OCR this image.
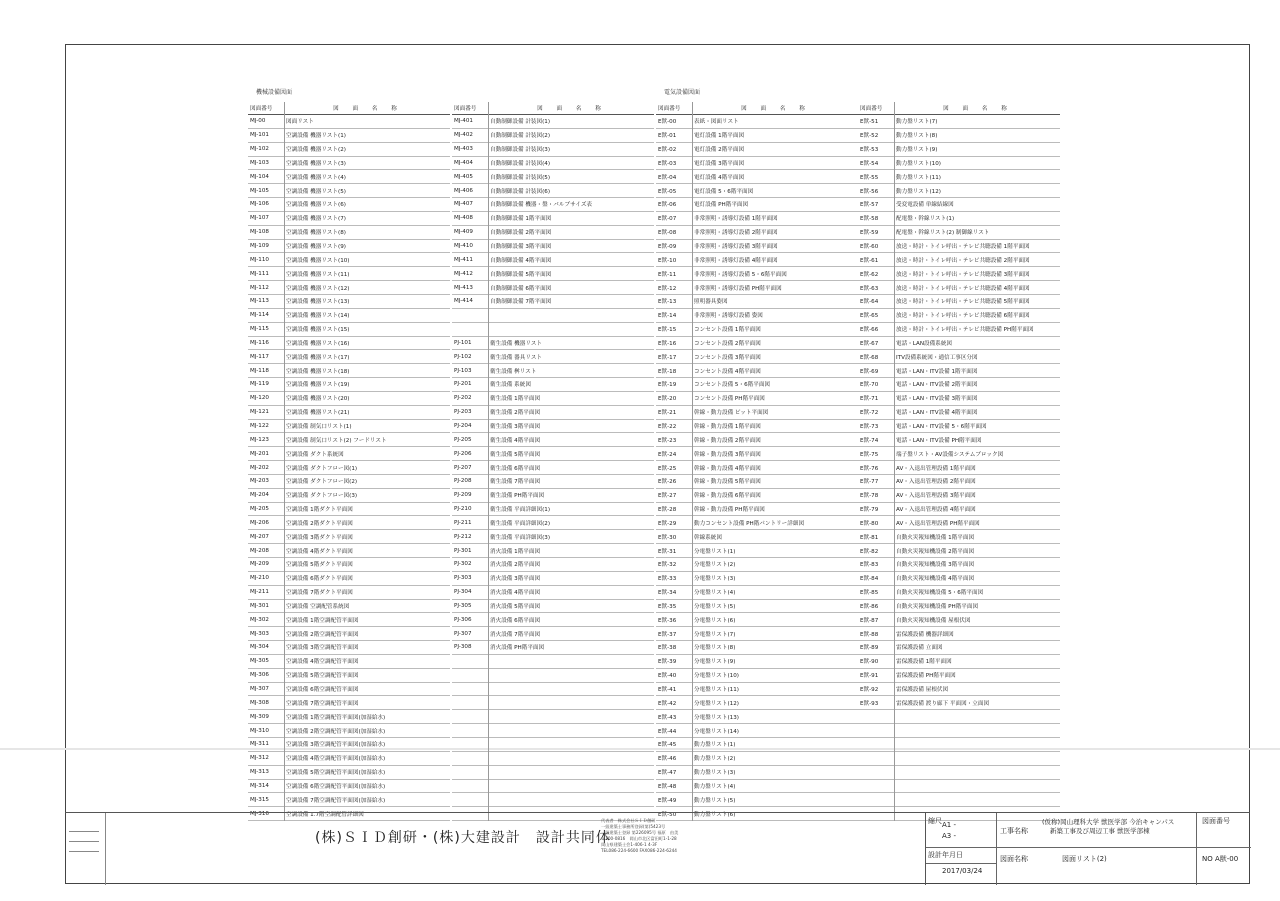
機械設備図面	電気設備図面
図面番号	図 面 名 称
MJ-00	図面リスト
MJ-101	空調設備 機器リスト(1)
MJ-102	空調設備 機器リスト(2)
MJ-103	空調設備 機器リスト(3)
MJ-104	空調設備 機器リスト(4)
MJ-105	空調設備 機器リスト(5)
MJ-106	空調設備 機器リスト(6)
MJ-107	空調設備 機器リスト(7)
MJ-108	空調設備 機器リスト(8)
MJ-109	空調設備 機器リスト(9)
MJ-110	空調設備 機器リスト(10)
MJ-111	空調設備 機器リスト(11)
MJ-112	空調設備 機器リスト(12)
MJ-113	空調設備 機器リスト(13)
MJ-114	空調設備 機器リスト(14)
MJ-115	空調設備 機器リスト(15)
MJ-116	空調設備 機器リスト(16)
MJ-117	空調設備 機器リスト(17)
MJ-118	空調設備 機器リスト(18)
MJ-119	空調設備 機器リスト(19)
MJ-120	空調設備 機器リスト(20)
MJ-121	空調設備 機器リスト(21)
MJ-122	空調設備 制気口リスト(1)
MJ-123	空調設備 制気口リスト(2) フードリスト
MJ-201	空調設備 ダクト系統図
MJ-202	空調設備 ダクトフロー図(1)
MJ-203	空調設備 ダクトフロー図(2)
MJ-204	空調設備 ダクトフロー図(3)
MJ-205	空調設備 1階ダクト平面図
MJ-206	空調設備 2階ダクト平面図
MJ-207	空調設備 3階ダクト平面図
MJ-208	空調設備 4階ダクト平面図
MJ-209	空調設備 5階ダクト平面図
MJ-210	空調設備 6階ダクト平面図
MJ-211	空調設備 7階ダクト平面図
MJ-301	空調設備 空調配管系統図
MJ-302	空調設備 1階空調配管平面図
MJ-303	空調設備 2階空調配管平面図
MJ-304	空調設備 3階空調配管平面図
MJ-305	空調設備 4階空調配管平面図
MJ-306	空調設備 5階空調配管平面図
MJ-307	空調設備 6階空調配管平面図
MJ-308	空調設備 7階空調配管平面図
MJ-309	空調設備 1階空調配管平面図(加湿給水)
MJ-310	空調設備 2階空調配管平面図(加湿給水)
MJ-311	空調設備 3階空調配管平面図(加湿給水)
MJ-312	空調設備 4階空調配管平面図(加湿給水)
MJ-313	空調設備 5階空調配管平面図(加湿給水)
MJ-314	空調設備 6階空調配管平面図(加湿給水)
MJ-315	空調設備 7階空調配管平面図(加湿給水)
MJ-316	空調設備 1.7階空調配管詳細図
図面番号	図 面 名 称
MJ-401	自動制御設備 計装図(1)
MJ-402	自動制御設備 計装図(2)
MJ-403	自動制御設備 計装図(3)
MJ-404	自動制御設備 計装図(4)
MJ-405	自動制御設備 計装図(5)
MJ-406	自動制御設備 計装図(6)
MJ-407	自動制御設備 機器・盤・バルブサイズ表
MJ-408	自動制御設備 1階平面図
MJ-409	自動制御設備 2階平面図
MJ-410	自動制御設備 3階平面図
MJ-411	自動制御設備 4階平面図
MJ-412	自動制御設備 5階平面図
MJ-413	自動制御設備 6階平面図
MJ-414	自動制御設備 7階平面図
PJ-101	衛生設備 機器リスト
PJ-102	衛生設備 器具リスト
PJ-103	衛生設備 桝リスト
PJ-201	衛生設備 系統図
PJ-202	衛生設備 1階平面図
PJ-203	衛生設備 2階平面図
PJ-204	衛生設備 3階平面図
PJ-205	衛生設備 4階平面図
PJ-206	衛生設備 5階平面図
PJ-207	衛生設備 6階平面図
PJ-208	衛生設備 7階平面図
PJ-209	衛生設備 PH階平面図
PJ-210	衛生設備 平面詳細図(1)
PJ-211	衛生設備 平面詳細図(2)
PJ-212	衛生設備 平面詳細図(3)
PJ-301	消火設備 1階平面図
PJ-302	消火設備 2階平面図
PJ-303	消火設備 3階平面図
PJ-304	消火設備 4階平面図
PJ-305	消火設備 5階平面図
PJ-306	消火設備 6階平面図
PJ-307	消火設備 7階平面図
PJ-308	消火設備 PH階平面図
図面番号	図 面 名 称
E獣-00	表紙・図面リスト
E獣-01	電灯設備 1階平面図
E獣-02	電灯設備 2階平面図
E獣-03	電灯設備 3階平面図
E獣-04	電灯設備 4階平面図
E獣-05	電灯設備 5・6階平面図
E獣-06	電灯設備 PH階平面図
E獣-07	非常照明・誘導灯設備 1階平面図
E獣-08	非常照明・誘導灯設備 2階平面図
E獣-09	非常照明・誘導灯設備 3階平面図
E獣-10	非常照明・誘導灯設備 4階平面図
E獣-11	非常照明・誘導灯設備 5・6階平面図
E獣-12	非常照明・誘導灯設備 PH階平面図
E獣-13	照明器具姿図
E獣-14	非常照明・誘導灯設備 姿図
E獣-15	コンセント設備 1階平面図
E獣-16	コンセント設備 2階平面図
E獣-17	コンセント設備 3階平面図
E獣-18	コンセント設備 4階平面図
E獣-19	コンセント設備 5・6階平面図
E獣-20	コンセント設備 PH階平面図
E獣-21	幹線・動力設備 ピット平面図
E獣-22	幹線・動力設備 1階平面図
E獣-23	幹線・動力設備 2階平面図
E獣-24	幹線・動力設備 3階平面図
E獣-25	幹線・動力設備 4階平面図
E獣-26	幹線・動力設備 5階平面図
E獣-27	幹線・動力設備 6階平面図
E獣-28	幹線・動力設備 PH階平面図
E獣-29	動力コンセント設備 PH階パントリー詳細図
E獣-30	幹線系統図
E獣-31	分電盤リスト(1)
E獣-32	分電盤リスト(2)
E獣-33	分電盤リスト(3)
E獣-34	分電盤リスト(4)
E獣-35	分電盤リスト(5)
E獣-36	分電盤リスト(6)
E獣-37	分電盤リスト(7)
E獣-38	分電盤リスト(8)
E獣-39	分電盤リスト(9)
E獣-40	分電盤リスト(10)
E獣-41	分電盤リスト(11)
E獣-42	分電盤リスト(12)
E獣-43	分電盤リスト(13)
E獣-44	分電盤リスト(14)
E獣-45	動力盤リスト(1)
E獣-46	動力盤リスト(2)
E獣-47	動力盤リスト(3)
E獣-48	動力盤リスト(4)
E獣-49	動力盤リスト(5)
E獣-50	動力盤リスト(6)
図面番号	図 面 名 称
E獣-51	動力盤リスト(7)
E獣-52	動力盤リスト(8)
E獣-53	動力盤リスト(9)
E獣-54	動力盤リスト(10)
E獣-55	動力盤リスト(11)
E獣-56	動力盤リスト(12)
E獣-57	受変電設備 単線結線図
E獣-58	配電盤・幹線リスト(1)
E獣-59	配電盤・幹線リスト(2) 制御線リスト
E獣-60	放送・時計・トイレ呼出・テレビ共聴設備 1階平面図
E獣-61	放送・時計・トイレ呼出・テレビ共聴設備 2階平面図
E獣-62	放送・時計・トイレ呼出・テレビ共聴設備 3階平面図
E獣-63	放送・時計・トイレ呼出・テレビ共聴設備 4階平面図
E獣-64	放送・時計・トイレ呼出・テレビ共聴設備 5階平面図
E獣-65	放送・時計・トイレ呼出・テレビ共聴設備 6階平面図
E獣-66	放送・時計・トイレ呼出・テレビ共聴設備 PH階平面図
E獣-67	電話・LAN設備系統図
E獣-68	ITV設備系統図・通信工事区分図
E獣-69	電話・LAN・ITV設備 1階平面図
E獣-70	電話・LAN・ITV設備 2階平面図
E獣-71	電話・LAN・ITV設備 3階平面図
E獣-72	電話・LAN・ITV設備 4階平面図
E獣-73	電話・LAN・ITV設備 5・6階平面図
E獣-74	電話・LAN・ITV設備 PH階平面図
E獣-75	端子盤リスト・AV設備システムブロック図
E獣-76	AV・入退出管理設備 1階平面図
E獣-77	AV・入退出管理設備 2階平面図
E獣-78	AV・入退出管理設備 3階平面図
E獣-79	AV・入退出管理設備 4階平面図
E獣-80	AV・入退出管理設備 PH階平面図
E獣-81	自動火災報知機設備 1階平面図
E獣-82	自動火災報知機設備 2階平面図
E獣-83	自動火災報知機設備 3階平面図
E獣-84	自動火災報知機設備 4階平面図
E獣-85	自動火災報知機設備 5・6階平面図
E獣-86	自動火災報知機設備 PH階平面図
E獣-87	自動火災報知機設備 屋根伏図
E獣-88	雷保護設備 機器詳細図
E獣-89	雷保護設備 立面図
E獣-90	雷保護設備 1階平面図
E獣-91	雷保護設備 PH階平面図
E獣-92	雷保護設備 屋根伏図
E獣-93	雷保護設備 渡り廊下 平面図・立面図
(株)ＳＩＤ創研・(株)大建設計　設計共同体
代表者　株式会社ＳＩＤ創研
一級建築士事務所登録(第)5423号
一級建築士登録 第226095号 福原　由美
〒700-0816　岡山市北区富田町1-1-28
岡山県建築士会1-406-1 4-3F
TEL086-224-6600 FAX086-224-6244
縮尺 A1 -
A3 -
設計年月日
2017/03/24
工事名称
(仮称)岡山理科大学 獣医学部 今治キャンパス
新築工事及び周辺工事 獣医学部棟
図面名称	図面リスト(2)
図面番号
NO A獣-00
